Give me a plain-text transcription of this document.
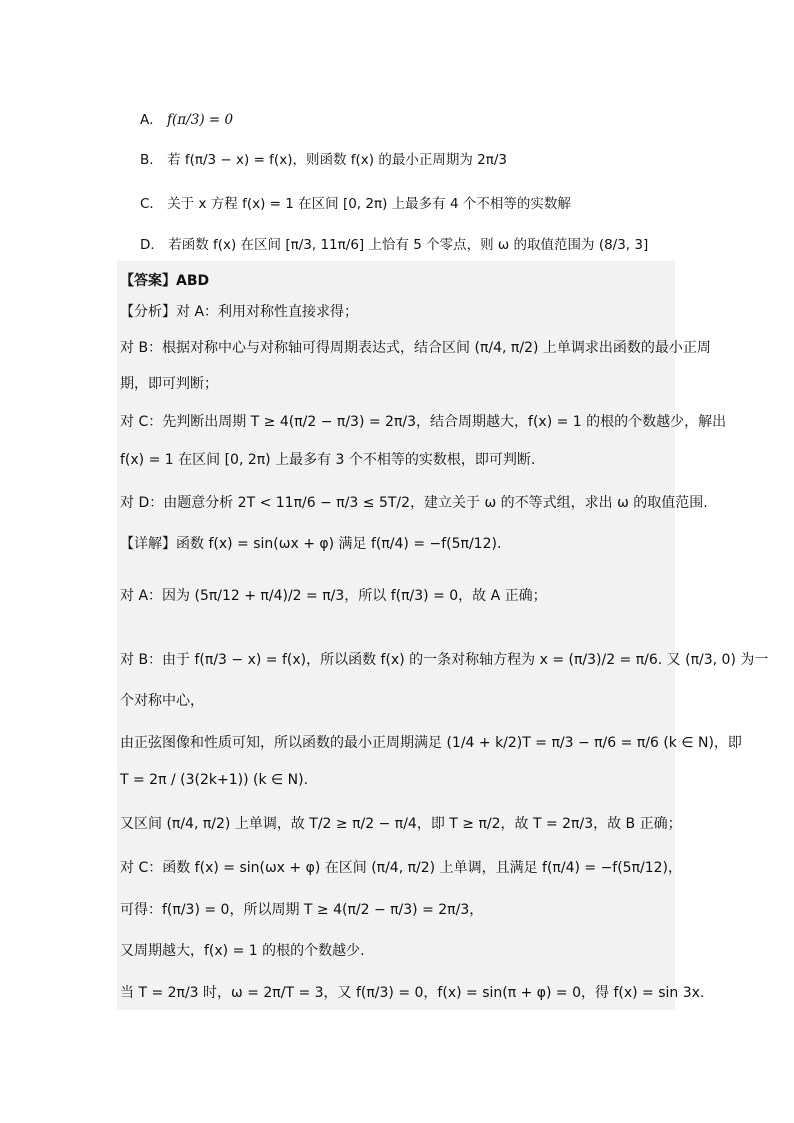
A． f(π/3) = 0
B． 若 f(π/3 − x) = f(x)，则函数 f(x) 的最小正周期为 2π/3
C． 关于 x 方程 f(x) = 1 在区间 [0, 2π) 上最多有 4 个不相等的实数解
D． 若函数 f(x) 在区间 [π/3, 11π/6] 上恰有 5 个零点，则 ω 的取值范围为 (8/3, 3]
【答案】ABD
【分析】对 A：利用对称性直接求得；
对 B：根据对称中心与对称轴可得周期表达式，结合区间 (π/4, π/2) 上单调求出函数的最小正周
期，即可判断；
对 C：先判断出周期 T ≥ 4(π/2 − π/3) = 2π/3，结合周期越大，f(x) = 1 的根的个数越少，解出
f(x) = 1 在区间 [0, 2π) 上最多有 3 个不相等的实数根，即可判断.
对 D：由题意分析 2T < 11π/6 − π/3 ≤ 5T/2，建立关于 ω 的不等式组，求出 ω 的取值范围.
【详解】函数 f(x) = sin(ωx + φ) 满足 f(π/4) = −f(5π/12).
对 A：因为 (5π/12 + π/4)/2 = π/3，所以 f(π/3) = 0，故 A 正确；
对 B：由于 f(π/3 − x) = f(x)，所以函数 f(x) 的一条对称轴方程为 x = (π/3)/2 = π/6. 又 (π/3, 0) 为一
个对称中心，
由正弦图像和性质可知，所以函数的最小正周期满足 (1/4 + k/2)T = π/3 − π/6 = π/6 (k ∈ N)，即
T = 2π / (3(2k+1)) (k ∈ N).
又区间 (π/4, π/2) 上单调，故 T/2 ≥ π/2 − π/4，即 T ≥ π/2，故 T = 2π/3，故 B 正确；
对 C：函数 f(x) = sin(ωx + φ) 在区间 (π/4, π/2) 上单调，且满足 f(π/4) = −f(5π/12)，
可得：f(π/3) = 0，所以周期 T ≥ 4(π/2 − π/3) = 2π/3，
又周期越大，f(x) = 1 的根的个数越少.
当 T = 2π/3 时，ω = 2π/T = 3，又 f(π/3) = 0，f(x) = sin(π + φ) = 0，得 f(x) = sin 3x.
